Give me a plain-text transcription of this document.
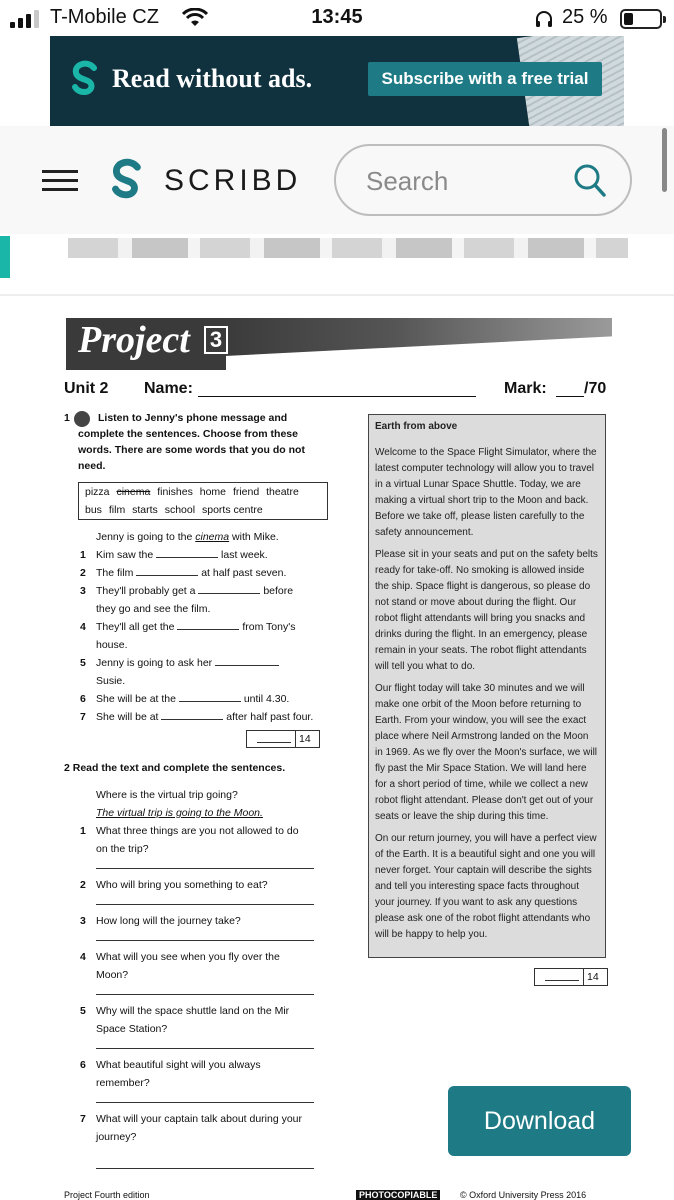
T-Mobile CZ	13:45	25 %
Read without ads.	Subscribe with a free trial
SCRIBD Search
Project 3
Unit 2 Name:	Mark: /70
1	Listen to Jenny's phone message and
complete the sentences. Choose from these words. There are some words that you do not need.
pizza cinema finishes home friend theatre
bus film starts school sports centre
Jenny is going to the cinema with Mike.
1 Kim saw the	last week.
2 The film	at half past seven.
3 They'll probably get a	before
they go and see the film.
4 They'll all get the	from Tony's
house.
5 Jenny is going to ask her
Susie.
6 She will be at the	until 4.30.
7 She will be at	after half past four.
14
2 Read the text and complete the sentences.
Where is the virtual trip going?
The virtual trip is going to the Moon.
1 What three things are you not allowed to do
on the trip?
2 Who will bring you something to eat?
3 How long will the journey take?
4 What will you see when you fly over the
Moon?
5 Why will the space shuttle land on the Mir
Space Station?
6 What beautiful sight will you always
remember?
7 What will your captain talk about during your
journey?
Earth from above

Welcome to the Space Flight Simulator, where the latest computer technology will allow you to travel in a virtual Lunar Space Shuttle. Today, we are making a virtual short trip to the Moon and back. Before we take off, please listen carefully to the safety announcement.

Please sit in your seats and put on the safety belts ready for take-off. No smoking is allowed inside the ship. Space flight is dangerous, so please do not stand or move about during the flight. Our robot flight attendants will bring you snacks and drinks during the flight. In an emergency, please remain in your seats. The robot flight attendants will tell you what to do.

Our flight today will take 30 minutes and we will make one orbit of the Moon before returning to Earth. From your window, you will see the exact place where Neil Armstrong landed on the Moon in 1969. As we fly over the Moon's surface, we will fly past the Mir Space Station. We will land here for a short period of time, while we collect a new robot flight attendant. Please don't get out of your seats or leave the ship during this time.

On our return journey, you will have a perfect view of the Earth. It is a beautiful sight and one you will never forget. Your captain will describe the sights and tell you interesting space facts throughout your journey. If you want to ask any questions please ask one of the robot flight attendants who will be happy to help you.

14
Download
Project Fourth edition	PHOTOCOPIABLE	© Oxford University Press 2016
